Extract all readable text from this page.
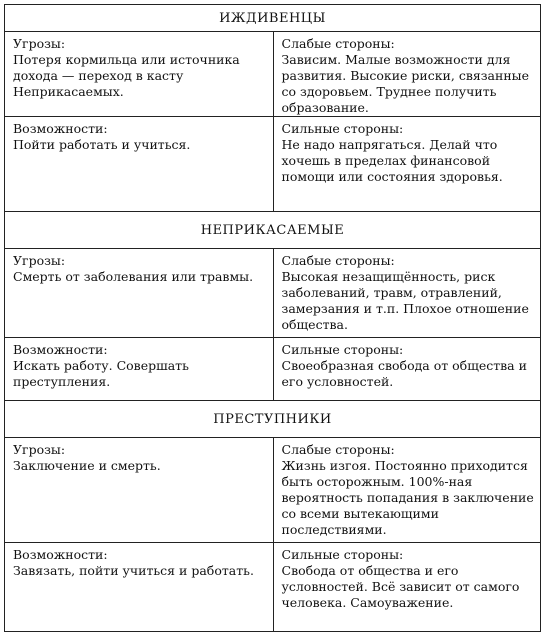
ИЖДИВЕНЦЫ
Угрозы:
Потеря кормильца или источника дохода — переход в касту Неприкасаемых.
Слабые стороны:
Зависим. Малые возможности для развития. Высокие риски, связанные со здоровьем. Труднее получить образование.
Возможности:
Пойти работать и учиться.
Сильные стороны:
Не надо напрягаться. Делай что хочешь в пределах финансовой помощи или состояния здоровья.
НЕПРИКАСАЕМЫЕ
Угрозы:
Смерть от заболевания или травмы.
Слабые стороны:
Высокая незащищённость, риск заболеваний, травм, отравлений, замерзания и т.п. Плохое отношение общества.
Возможности:
Искать работу. Совершать преступления.
Сильные стороны:
Своеобразная свобода от общества и его условностей.
ПРЕСТУПНИКИ
Угрозы:
Заключение и смерть.
Слабые стороны:
Жизнь изгоя. Постоянно приходится быть осторожным. 100%-ная вероятность попадания в заключение со всеми вытекающими последствиями.
Возможности:
Завязать, пойти учиться и работать.
Сильные стороны:
Свобода от общества и его условностей. Всё зависит от самого человека. Самоуважение.
